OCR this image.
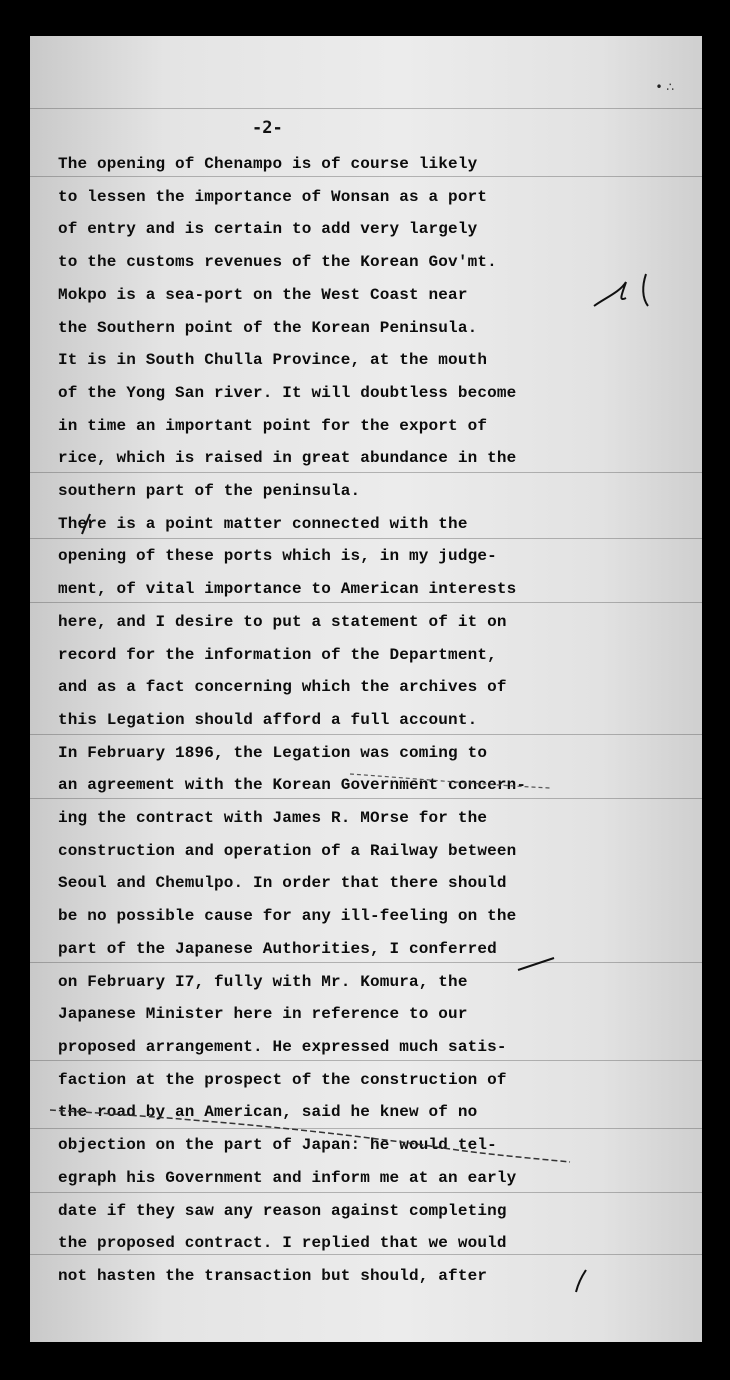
• ∴
-2-
The opening of Chenampo is of course likely
to lessen the importance of Wonsan as a port
of entry and is certain to add very largely
to the customs revenues of the Korean Gov'mt.
Mokpo is a sea-port on the West Coast near
the Southern point of the Korean Peninsula.
It is in South Chulla Province, at the mouth
of the Yong San river. It will doubtless become
in time an important point for the export of
rice, which is raised in great abundance in the
southern part of the peninsula.
There is a point matter connected with the
opening of these ports which is, in my judge-
ment, of vital importance to American interests
here, and I desire to put a statement of it on
record for the information of the Department,
and as a fact concerning which the archives of
this Legation should afford a full account.
In February 1896, the Legation was coming to
an agreement with the Korean Government concern-
ing the contract with James R. MOrse for the
construction and operation of a Railway between
Seoul and Chemulpo. In order that there should
be no possible cause for any ill-feeling on the
part of the Japanese Authorities, I conferred
on February I7, fully with Mr. Komura, the
Japanese Minister here in reference to our
proposed arrangement. He expressed much satis-
faction at the prospect of the construction of
the road by an American, said he knew of no
objection on the part of Japan: he would tel-
egraph his Government and inform me at an early
date if they saw any reason against completing
the proposed contract. I replied that we would
not hasten the transaction but should, after
